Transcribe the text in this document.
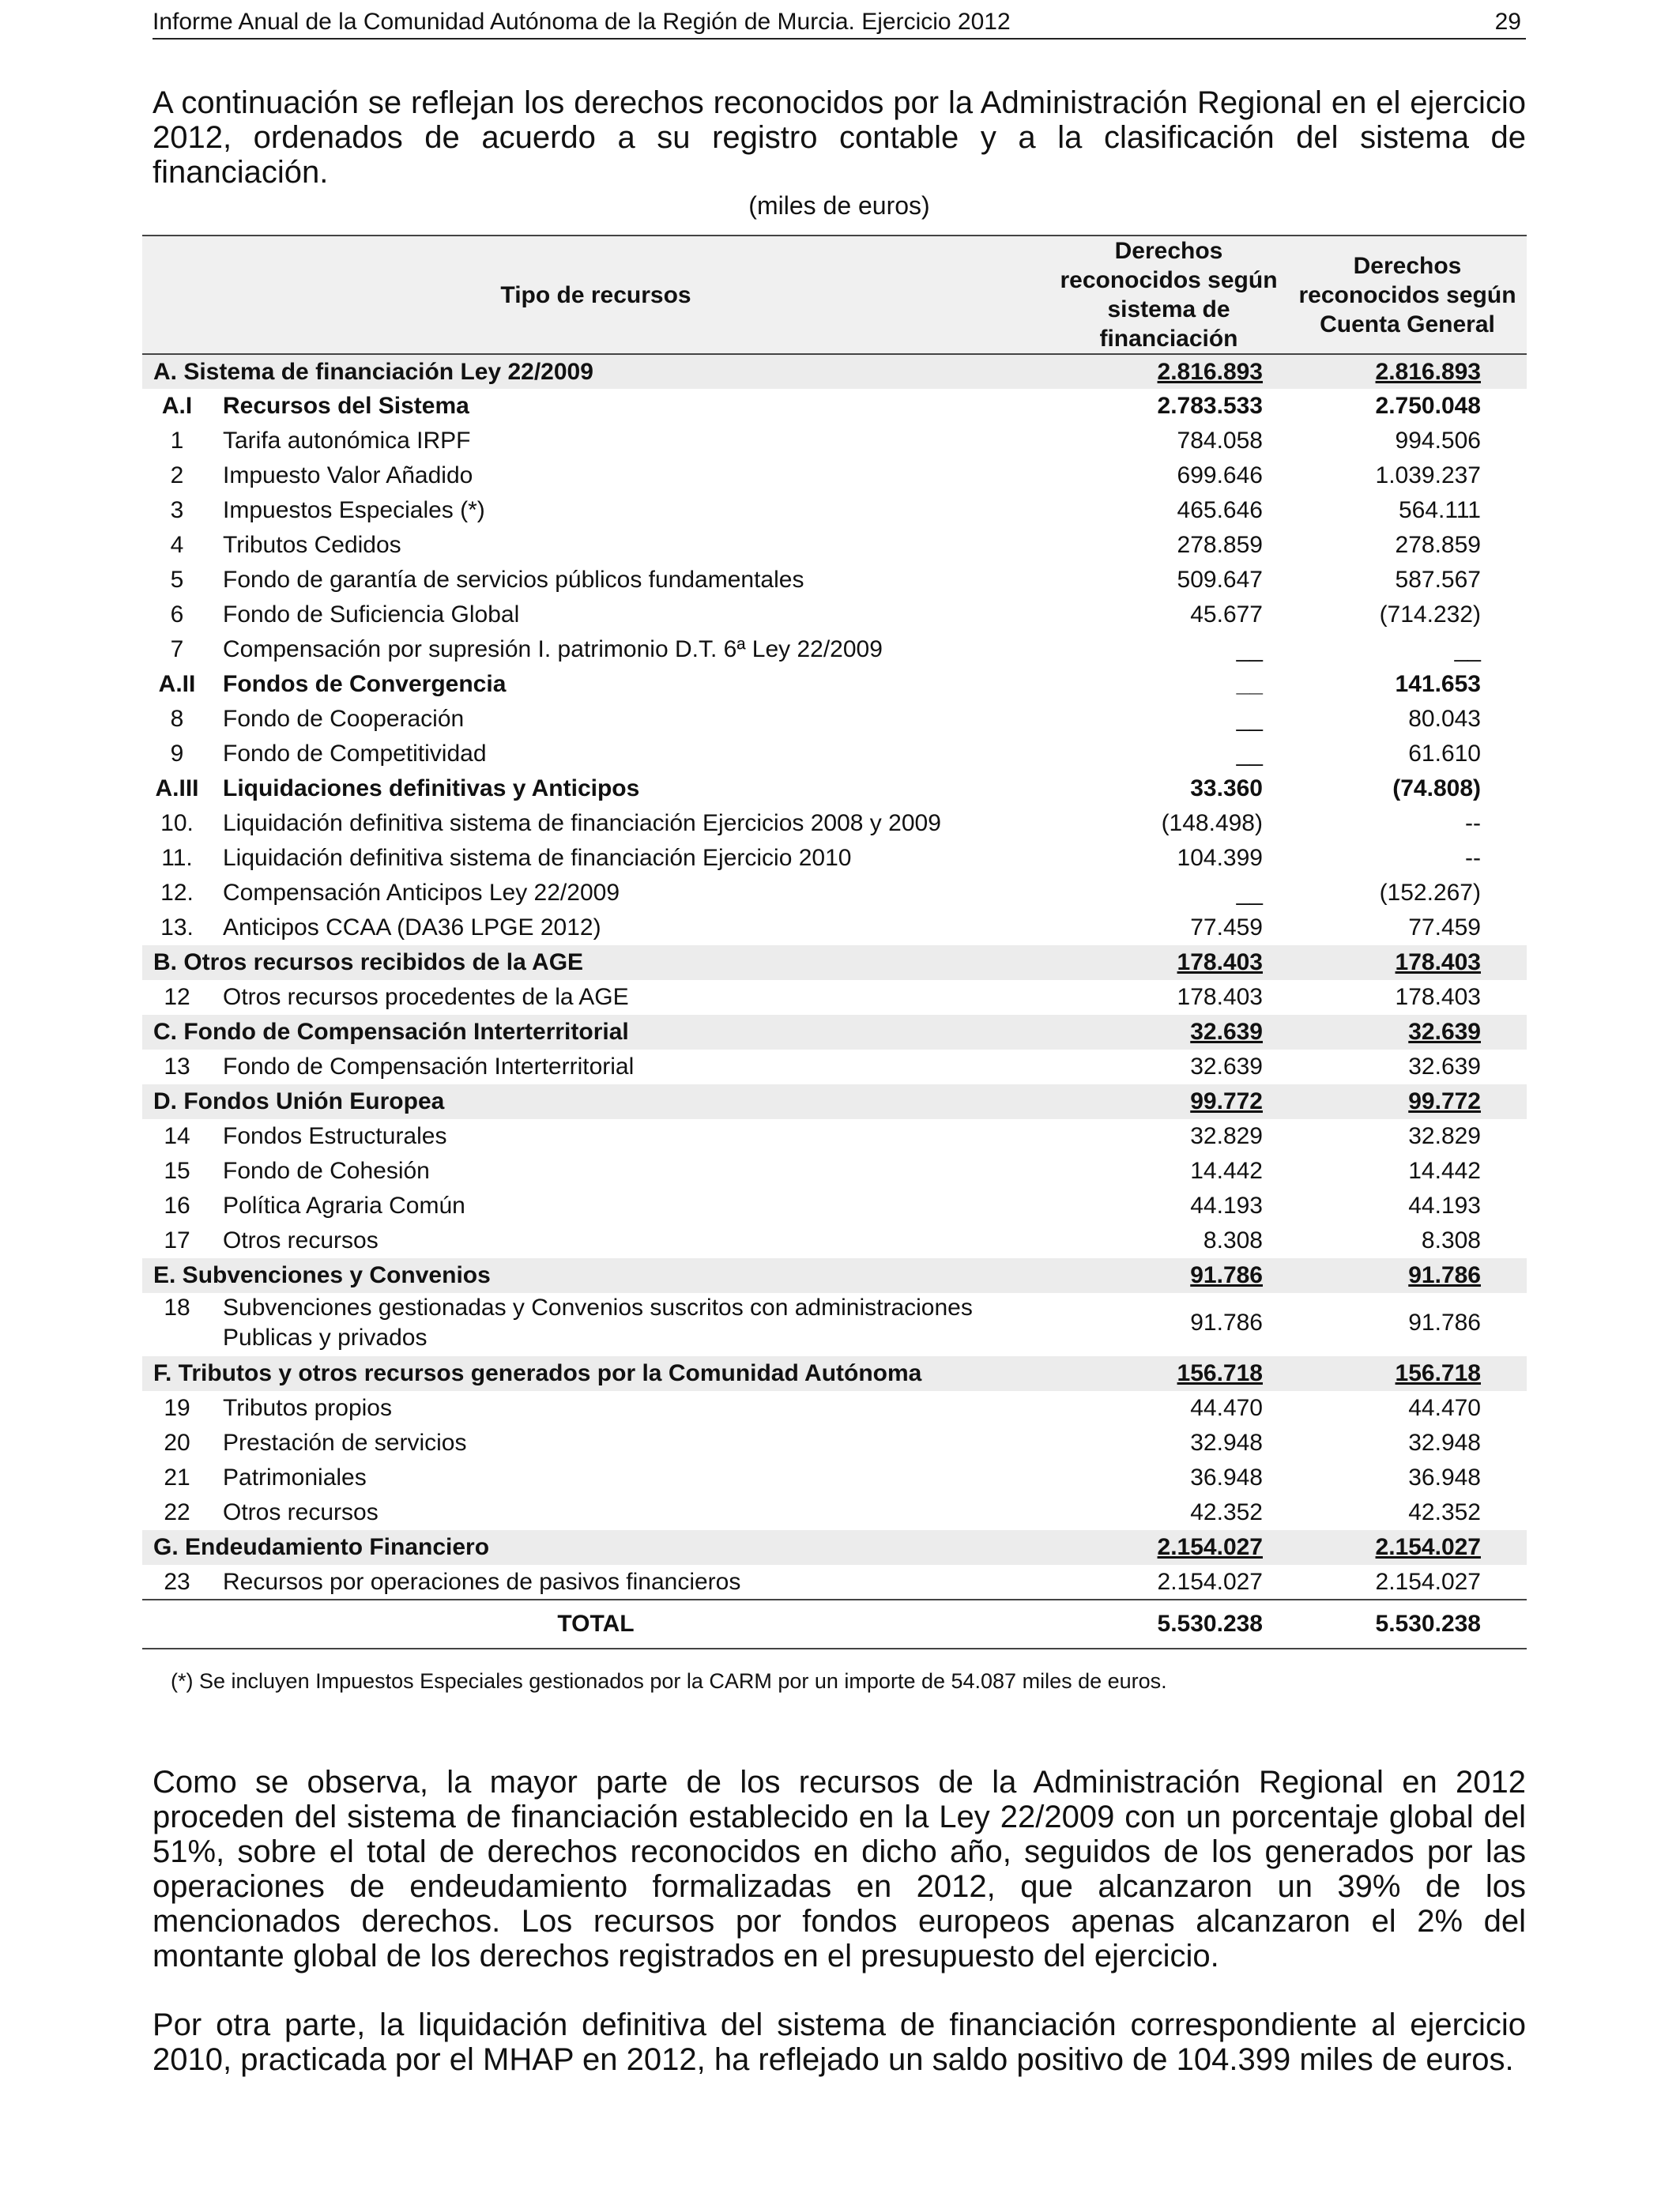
Informe Anual de la Comunidad Autónoma de la Región de Murcia. Ejercicio 2012	29

A continuación se reflejan los derechos reconocidos por la Administración Regional en el ejercicio 2012, ordenados de acuerdo a su registro contable y a la clasificación del sistema de financiación.

(miles de euros)
Tipo de recursos		Derechos reconocidos según sistema de financiación	Derechos reconocidos según Cuenta General
A. Sistema de financiación Ley 22/2009		2.816.893	2.816.893
A.I	Recursos del Sistema	2.783.533	2.750.048
1	Tarifa autonómica IRPF	784.058	994.506
2	Impuesto Valor Añadido	699.646	1.039.237
3	Impuestos Especiales (*)	465.646	564.111
4	Tributos Cedidos	278.859	278.859
5	Fondo de garantía de servicios públicos fundamentales	509.647	587.567
6	Fondo de Suficiencia Global	45.677	(714.232)
7	Compensación por supresión I. patrimonio D.T. 6ª Ley 22/2009	__	__
A.II	Fondos de Convergencia	__	141.653
8	Fondo de Cooperación	__	80.043
9	Fondo de Competitividad	__	61.610
A.III	Liquidaciones definitivas y Anticipos	33.360	(74.808)
10.	Liquidación definitiva sistema de financiación Ejercicios 2008 y 2009	(148.498)	--
11.	Liquidación definitiva sistema de financiación Ejercicio 2010	104.399	--
12.	Compensación Anticipos Ley 22/2009	__	(152.267)
13.	Anticipos CCAA (DA36 LPGE 2012)	77.459	77.459
B. Otros recursos recibidos de la AGE		178.403	178.403
12	Otros recursos procedentes de la AGE	178.403	178.403
C. Fondo de Compensación Interterritorial		32.639	32.639
13	Fondo de Compensación Interterritorial	32.639	32.639
D. Fondos Unión Europea		99.772	99.772
14	Fondos Estructurales	32.829	32.829
15	Fondo de Cohesión	14.442	14.442
16	Política Agraria Común	44.193	44.193
17	Otros recursos	8.308	8.308
E. Subvenciones y Convenios		91.786	91.786
18	Subvenciones gestionadas y Convenios suscritos con administraciones Publicas y privados	91.786	91.786
F. Tributos y otros recursos generados por la Comunidad Autónoma		156.718	156.718
19	Tributos propios	44.470	44.470
20	Prestación de servicios	32.948	32.948
21	Patrimoniales	36.948	36.948
22	Otros recursos	42.352	42.352
G. Endeudamiento Financiero		2.154.027	2.154.027
23	Recursos por operaciones de pasivos financieros	2.154.027	2.154.027
TOTAL		5.530.238	5.530.238
(*) Se incluyen Impuestos Especiales gestionados por la CARM por un importe de 54.087 miles de euros.

Como se observa, la mayor parte de los recursos de la Administración Regional en 2012 proceden del sistema de financiación establecido en la Ley 22/2009 con un porcentaje global del 51%, sobre el total de derechos reconocidos en dicho año, seguidos de los generados por las operaciones de endeudamiento formalizadas en 2012, que alcanzaron un 39% de los mencionados derechos. Los recursos por fondos europeos apenas alcanzaron el 2% del montante global de los derechos registrados en el presupuesto del ejercicio.

Por otra parte, la liquidación definitiva del sistema de financiación correspondiente al ejercicio 2010, practicada por el MHAP en 2012, ha reflejado un saldo positivo de 104.399 miles de euros.
